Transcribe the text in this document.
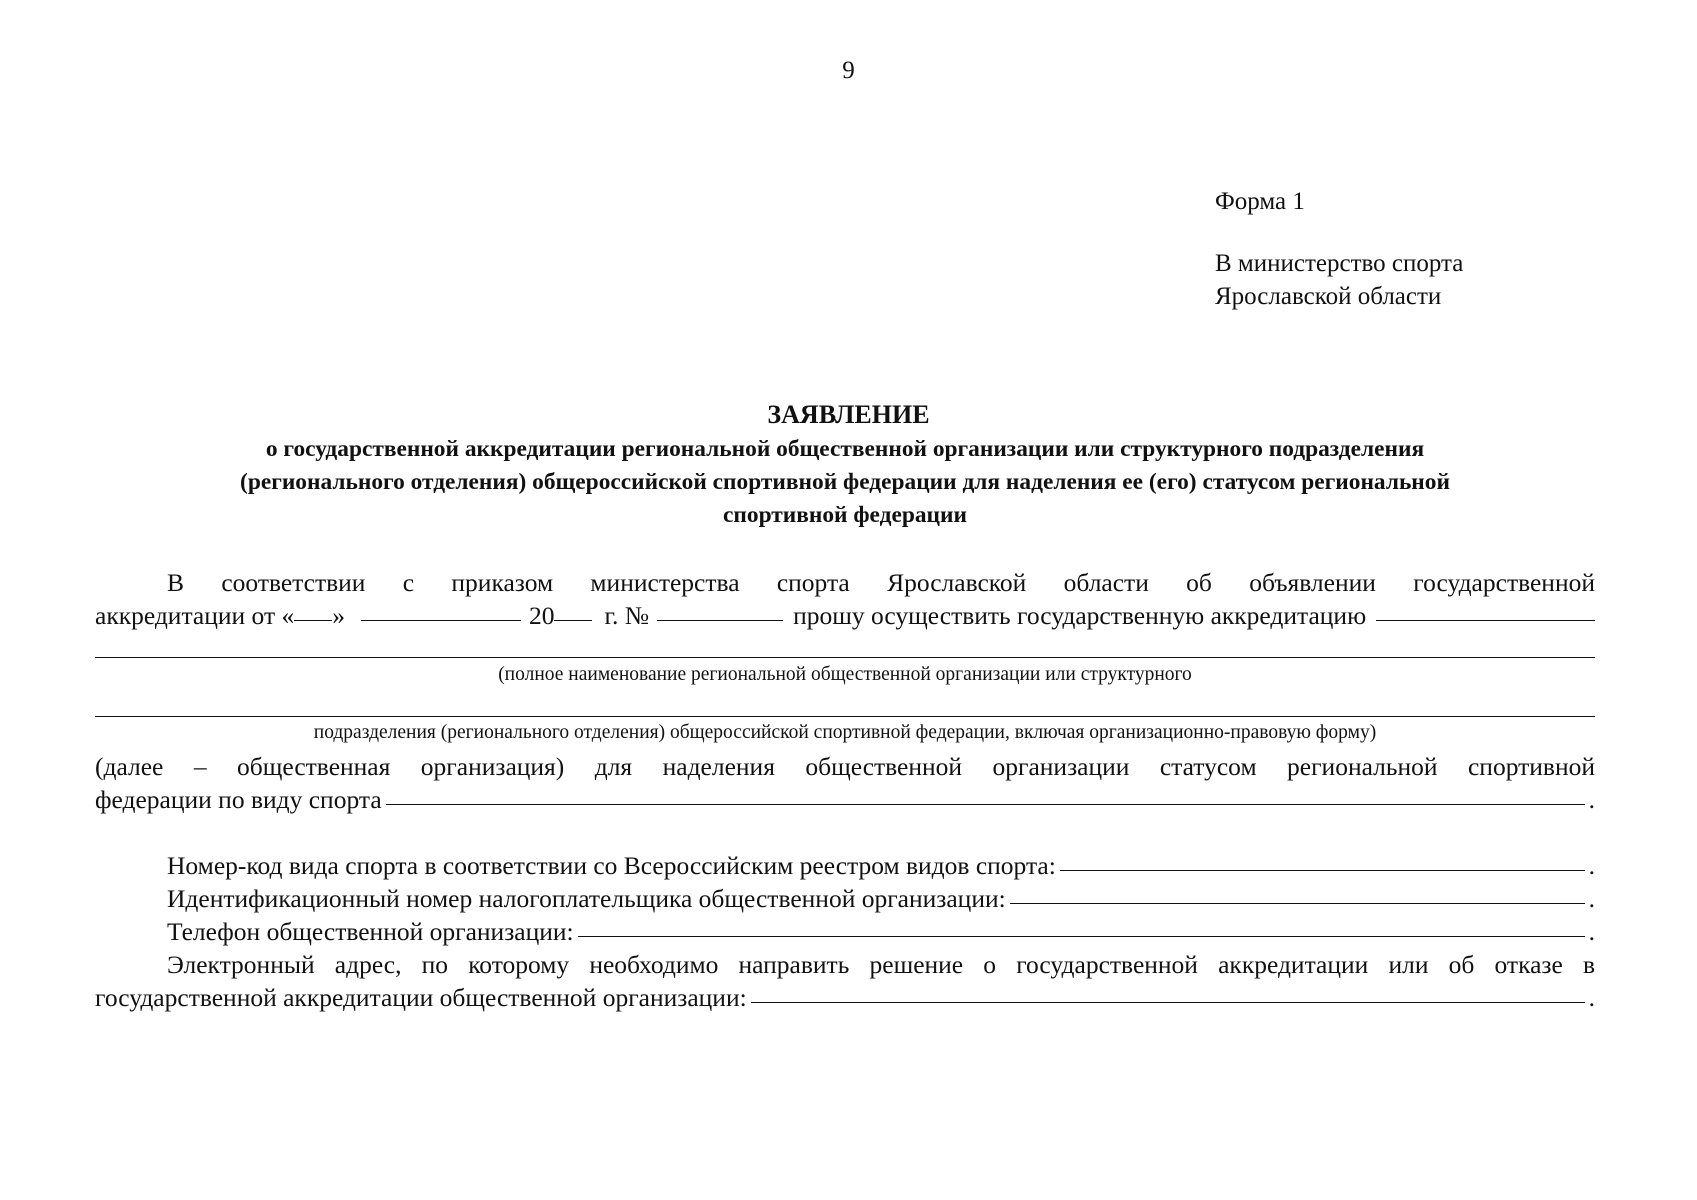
9
Форма 1
В министерство спорта
Ярославской области
ЗАЯВЛЕНИЕ
о государственной аккредитации региональной общественной организации или структурного подразделения
(регионального отделения) общероссийской спортивной федерации для наделения ее (его) статусом региональной
спортивной федерации
В соответствии с приказом министерства спорта Ярославской области об объявлении государственной
аккредитации от « »	20 г. №	прошу осуществить государственную аккредитацию
(полное наименование региональной общественной организации или структурного
подразделения (регионального отделения) общероссийской спортивной федерации, включая организационно-правовую форму)
(далее – общественная организация) для наделения общественной организации статусом региональной спортивной
федерации по виду спорта	.
Номер-код вида спорта в соответствии со Всероссийским реестром видов спорта:	.
Идентификационный номер налогоплательщика общественной организации:	.
Телефон общественной организации:	.
Электронный адрес, по которому необходимо направить решение о государственной аккредитации или об отказе в
государственной аккредитации общественной организации:	.
